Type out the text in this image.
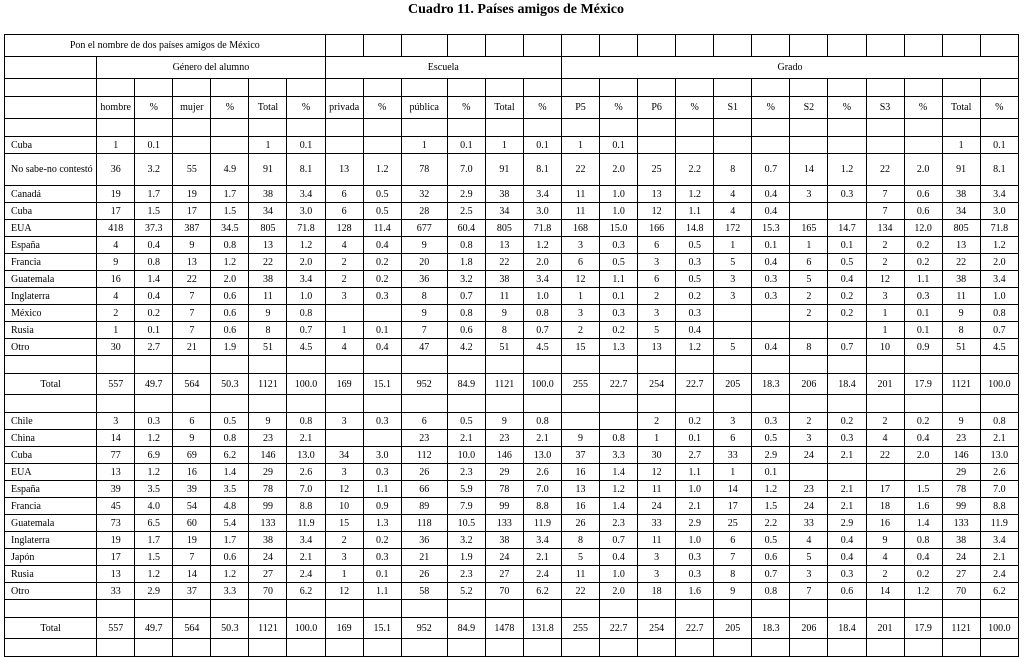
Cuadro 11. Países amigos de México
Pon el nombre de dos países amigos de México																								
	Género del alumno						Escuela						Grado											

	hombre	%	mujer	%	Total	%	privada	%	pública	%	Total	%	P5	%	P6	%	S1	%	S2	%	S3	%	Total	%

Cuba	1	0.1			1	0.1			1	0.1	1	0.1	1	0.1									1	0.1
No sabe-no contestó	36	3.2	55	4.9	91	8.1	13	1.2	78	7.0	91	8.1	22	2.0	25	2.2	8	0.7	14	1.2	22	2.0	91	8.1
Canadá	19	1.7	19	1.7	38	3.4	6	0.5	32	2.9	38	3.4	11	1.0	13	1.2	4	0.4	3	0.3	7	0.6	38	3.4
Cuba	17	1.5	17	1.5	34	3.0	6	0.5	28	2.5	34	3.0	11	1.0	12	1.1	4	0.4			7	0.6	34	3.0
EUA	418	37.3	387	34.5	805	71.8	128	11.4	677	60.4	805	71.8	168	15.0	166	14.8	172	15.3	165	14.7	134	12.0	805	71.8
España	4	0.4	9	0.8	13	1.2	4	0.4	9	0.8	13	1.2	3	0.3	6	0.5	1	0.1	1	0.1	2	0.2	13	1.2
Francia	9	0.8	13	1.2	22	2.0	2	0.2	20	1.8	22	2.0	6	0.5	3	0.3	5	0.4	6	0.5	2	0.2	22	2.0
Guatemala	16	1.4	22	2.0	38	3.4	2	0.2	36	3.2	38	3.4	12	1.1	6	0.5	3	0.3	5	0.4	12	1.1	38	3.4
Inglaterra	4	0.4	7	0.6	11	1.0	3	0.3	8	0.7	11	1.0	1	0.1	2	0.2	3	0.3	2	0.2	3	0.3	11	1.0
México	2	0.2	7	0.6	9	0.8			9	0.8	9	0.8	3	0.3	3	0.3			2	0.2	1	0.1	9	0.8
Rusia	1	0.1	7	0.6	8	0.7	1	0.1	7	0.6	8	0.7	2	0.2	5	0.4					1	0.1	8	0.7
Otro	30	2.7	21	1.9	51	4.5	4	0.4	47	4.2	51	4.5	15	1.3	13	1.2	5	0.4	8	0.7	10	0.9	51	4.5

Total	557	49.7	564	50.3	1121	100.0	169	15.1	952	84.9	1121	100.0	255	22.7	254	22.7	205	18.3	206	18.4	201	17.9	1121	100.0

Chile	3	0.3	6	0.5	9	0.8	3	0.3	6	0.5	9	0.8			2	0.2	3	0.3	2	0.2	2	0.2	9	0.8
China	14	1.2	9	0.8	23	2.1			23	2.1	23	2.1	9	0.8	1	0.1	6	0.5	3	0.3	4	0.4	23	2.1
Cuba	77	6.9	69	6.2	146	13.0	34	3.0	112	10.0	146	13.0	37	3.3	30	2.7	33	2.9	24	2.1	22	2.0	146	13.0
EUA	13	1.2	16	1.4	29	2.6	3	0.3	26	2.3	29	2.6	16	1.4	12	1.1	1	0.1					29	2.6
España	39	3.5	39	3.5	78	7.0	12	1.1	66	5.9	78	7.0	13	1.2	11	1.0	14	1.2	23	2.1	17	1.5	78	7.0
Francia	45	4.0	54	4.8	99	8.8	10	0.9	89	7.9	99	8.8	16	1.4	24	2.1	17	1.5	24	2.1	18	1.6	99	8.8
Guatemala	73	6.5	60	5.4	133	11.9	15	1.3	118	10.5	133	11.9	26	2.3	33	2.9	25	2.2	33	2.9	16	1.4	133	11.9
Inglaterra	19	1.7	19	1.7	38	3.4	2	0.2	36	3.2	38	3.4	8	0.7	11	1.0	6	0.5	4	0.4	9	0.8	38	3.4
Japón	17	1.5	7	0.6	24	2.1	3	0.3	21	1.9	24	2.1	5	0.4	3	0.3	7	0.6	5	0.4	4	0.4	24	2.1
Rusia	13	1.2	14	1.2	27	2.4	1	0.1	26	2.3	27	2.4	11	1.0	3	0.3	8	0.7	3	0.3	2	0.2	27	2.4
Otro	33	2.9	37	3.3	70	6.2	12	1.1	58	5.2	70	6.2	22	2.0	18	1.6	9	0.8	7	0.6	14	1.2	70	6.2

Total	557	49.7	564	50.3	1121	100.0	169	15.1	952	84.9	1478	131.8	255	22.7	254	22.7	205	18.3	206	18.4	201	17.9	1121	100.0
